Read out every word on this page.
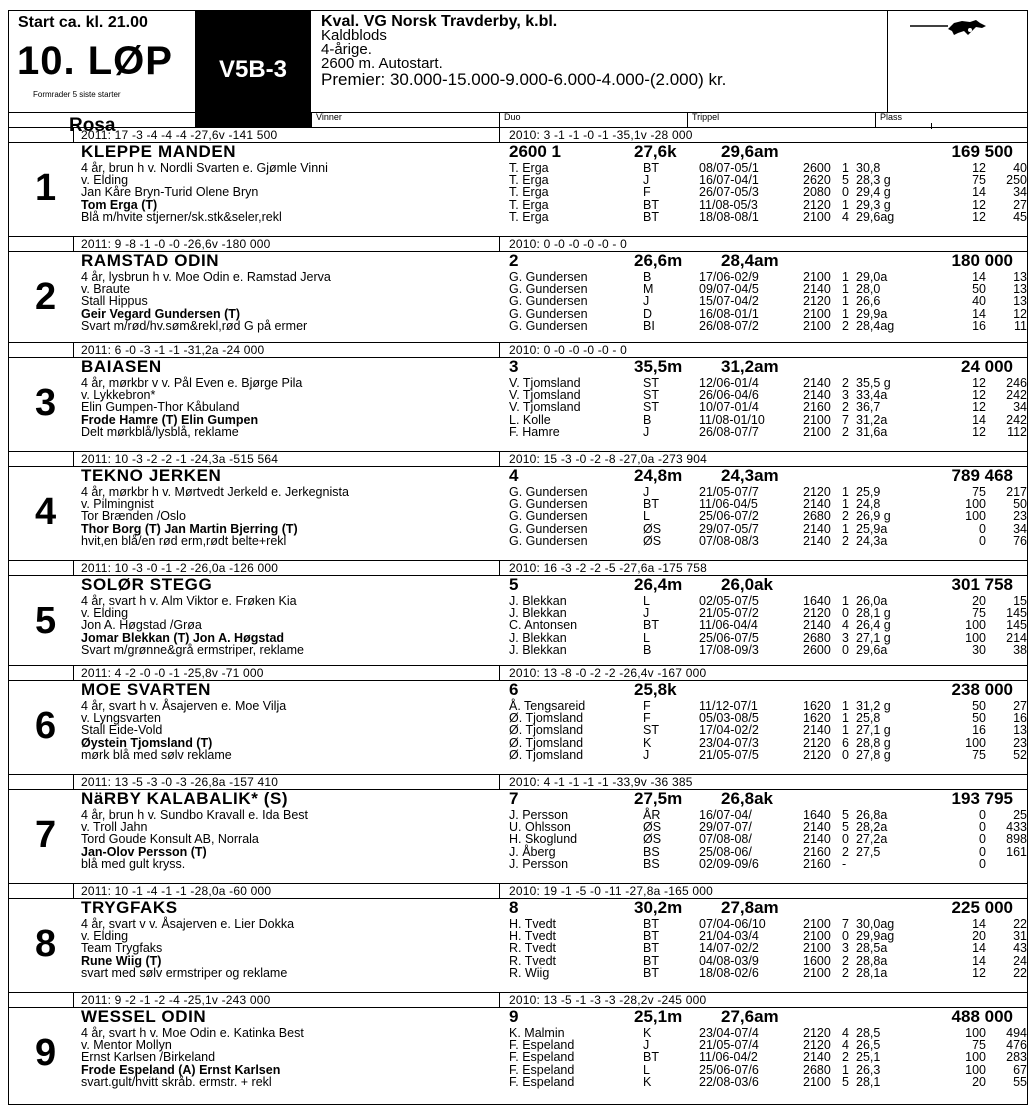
Start ca. kl. 21.00
10. LØP
Formrader 5 siste starter
V5B-3
Kval. VG Norsk Travderby, k.bl.
Kaldblods
4-årige.
2600 m. Autostart.
Premier: 30.000-15.000-9.000-6.000-4.000-(2.000) kr.
Rosa	Vinner	Duo	Trippel	Plass
2011: 17 -3 -4 -4 -4 -27,6v -141 500	2010: 3 -1 -1 -0 -1 -35,1v -28 000
1
KLEPPE MANDEN	2600 1	27,6k	29,6am	169 500
4 år, brun h v. Nordli Svarten e. Gjømle Vinni
v. Elding
Jan Kåre Bryn-Turid Olene Bryn
Tom Erga (T)
Blå m/hvite stjerner/sk.stk&seler,rekl
T. Erga	BT	08/07-05/1	2600 1 30,8	12	40
T. Erga	J	16/07-04/1	2620 5 28,3 g	75	250
T. Erga	F	26/07-05/3	2080 0 29,4 g	14	34
T. Erga	BT	11/08-05/3	2120 1 29,3 g	12	27
T. Erga	BT	18/08-08/1	2100 4 29,6ag	12	45
2011: 9 -8 -1 -0 -0 -26,6v -180 000	2010: 0 -0 -0 -0 -0 - 0
2
RAMSTAD ODIN	2	26,6m 28,4am	180 000
4 år, lysbrun h v. Moe Odin e. Ramstad Jerva
v. Braute
Stall Hippus
Geir Vegard Gundersen (T)
Svart m/rød/hv.søm&rekl,rød G på ermer
G. Gundersen	B	17/06-02/9	2100 1 29,0a	14	13
G. Gundersen	M	09/07-04/5	2140 1 28,0	50	13
G. Gundersen	J	15/07-04/2	2120 1 26,6	40	13
G. Gundersen	D	16/08-01/1	2100 1 29,9a	14	12
G. Gundersen	BI	26/08-07/2	2100 2 28,4ag	16	11
2011: 6 -0 -3 -1 -1 -31,2a -24 000	2010: 0 -0 -0 -0 -0 - 0
3
BAIASEN	3	35,5m 31,2am	24 000
4 år, mørkbr v v. Pål Even e. Bjørge Pila
v. Lykkebron*
Elin Gumpen-Thor Kåbuland
Frode Hamre (T) Elin Gumpen
Delt mørkblå/lysblå, reklame
V. Tjomsland	ST	12/06-01/4	2140 2 35,5 g	12	246
V. Tjomsland	ST	26/06-04/6	2140 3 33,4a	12	242
V. Tjomsland	ST	10/07-01/4	2160 2 36,7	12	34
L. Kolle	B	11/08-01/10	2100 7 31,2a	14	242
F. Hamre	J	26/08-07/7	2100 2 31,6a	12	112
2011: 10 -3 -2 -2 -1 -24,3a -515 564	2010: 15 -3 -0 -2 -8 -27,0a -273 904
4
TEKNO JERKEN	4	24,8m 24,3am	789 468
4 år, mørkbr h v. Mørtvedt Jerkeld e. Jerkegnista
v. Pilmingnist
Tor Brænden /Oslo
Thor Borg (T) Jan Martin Bjerring (T)
hvit,en blå/en rød erm,rødt belte+rekl
G. Gundersen	J	21/05-07/7	2120 1 25,9	75	217
G. Gundersen	BT	11/06-04/5	2140 1 24,8	100	50
G. Gundersen	L	25/06-07/2	2680 2 26,9 g	100	23
G. Gundersen	ØS	29/07-05/7	2140 1 25,9a	0	34
G. Gundersen	ØS	07/08-08/3	2140 2 24,3a	0	76
2011: 10 -3 -0 -1 -2 -26,0a -126 000	2010: 16 -3 -2 -2 -5 -27,6a -175 758
5
SOLØR STEGG	5	26,4m 26,0ak	301 758
4 år, svart h v. Alm Viktor e. Frøken Kia
v. Elding
Jon A. Høgstad /Grøa
Jomar Blekkan (T) Jon A. Høgstad
Svart m/grønne&grå ermstriper, reklame
J. Blekkan	L	02/05-07/5	1640 1 26,0a	20	15
J. Blekkan	J	21/05-07/2	2120 0 28,1 g	75	145
C. Antonsen	BT	11/06-04/4	2140 4 26,4 g	100	145
J. Blekkan	L	25/06-07/5	2680 3 27,1 g	100	214
J. Blekkan	B	17/08-09/3	2600 0 29,6a	30	38
2011: 4 -2 -0 -0 -1 -25,8v -71 000	2010: 13 -8 -0 -2 -2 -26,4v -167 000
6
MOE SVARTEN	6	25,8k	238 000
4 år, svart h v. Åsajerven e. Moe Vilja
v. Lyngsvarten
Stall Eide-Vold
Øystein Tjomsland (T)
mørk blå med sølv reklame
Å. Tengsareid	F	11/12-07/1	1620 1 31,2 g	50	27
Ø. Tjomsland	F	05/03-08/5	1620 1 25,8	50	16
Ø. Tjomsland	ST	17/04-02/2	2140 1 27,1 g	16	13
Ø. Tjomsland	K	23/04-07/3	2120 6 28,8 g	100	23
Ø. Tjomsland	J	21/05-07/5	2120 0 27,8 g	75	52
2011: 13 -5 -3 -0 -3 -26,8a -157 410	2010: 4 -1 -1 -1 -1 -33,9v -36 385
7
NäRBY KALABALIK* (S)	7	27,5m 26,8ak	193 795
4 år, brun h v. Sundbo Kravall e. Ida Best
v. Troll Jahn
Tord Goude Konsult AB, Norrala
Jan-Olov Persson (T)
blå med gult kryss.
J. Persson	ÅR	16/07-04/	1640 5 26,8a	0	25
U. Ohlsson	ØS	29/07-07/	2140 5 28,2a	0	433
H. Skoglund	ØS	07/08-08/	2140 0 27,2a	0	898
J. Åberg	BS	25/08-06/	2160 2 27,5	0	161
J. Persson	BS	02/09-09/6	2160 -	0
2011: 10 -1 -4 -1 -1 -28,0a -60 000	2010: 19 -1 -5 -0 -11 -27,8a -165 000
8
TRYGFAKS	8	30,2m 27,8am	225 000
4 år, svart v v. Åsajerven e. Lier Dokka
v. Elding
Team Trygfaks
Rune Wiig (T)
svart med sølv ermstriper og reklame
H. Tvedt	BT	07/04-06/10	2100 7 30,0ag	14	22
H. Tvedt	BT	21/04-03/4	2100 0 29,9ag	20	31
R. Tvedt	BT	14/07-02/2	2100 3 28,5a	14	43
R. Tvedt	BT	04/08-03/9	1600 2 28,8a	14	24
R. Wiig	BT	18/08-02/6	2100 2 28,1a	12	22
2011: 9 -2 -1 -2 -4 -25,1v -243 000	2010: 13 -5 -1 -3 -3 -28,2v -245 000
9
WESSEL ODIN	9	25,1m 27,6am	488 000
4 år, svart h v. Moe Odin e. Katinka Best
v. Mentor Mollyn
Ernst Karlsen /Birkeland
Frode Espeland (A) Ernst Karlsen
svart.gult/hvitt skråb. ermstr. + rekl
K. Malmin	K	23/04-07/4	2120 4 28,5	100	494
F. Espeland	J	21/05-07/4	2120 4 26,5	75	476
F. Espeland	BT	11/06-04/2	2140 2 25,1	100	283
F. Espeland	L	25/06-07/6	2680 1 26,3	100	67
F. Espeland	K	22/08-03/6	2100 5 28,1	20	55
